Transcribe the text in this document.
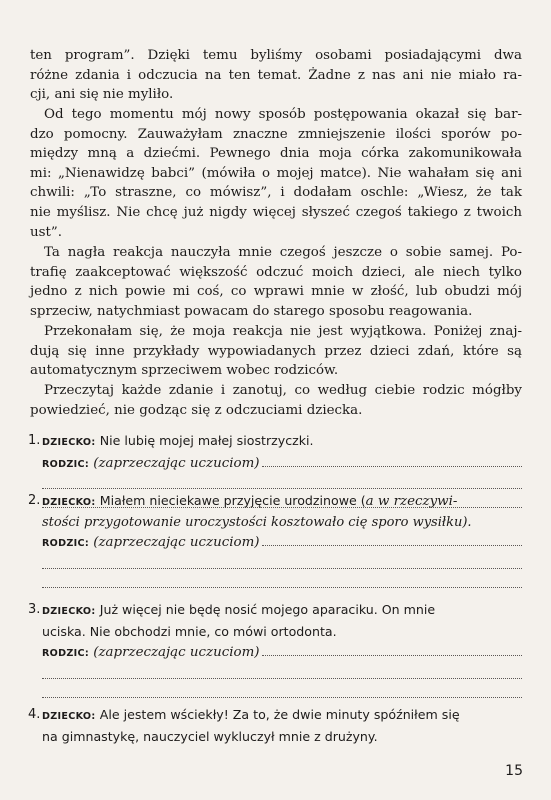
ten program”. Dzięki temu byliśmy osobami posiadającymi dwa
różne zdania i odczucia na ten temat. Żadne z nas ani nie miało ra-
cji, ani się nie myliło.
Od tego momentu mój nowy sposób postępowania okazał się bar-
dzo pomocny. Zauważyłam znaczne zmniejszenie ilości sporów po-
między mną a dziećmi. Pewnego dnia moja córka zakomunikowała
mi: „Nienawidzę babci” (mówiła o mojej matce). Nie wahałam się ani
chwili: „To straszne, co mówisz”, i dodałam oschle: „Wiesz, że tak
nie myślisz. Nie chcę już nigdy więcej słyszeć czegoś takiego z twoich
ust”.
Ta nagła reakcja nauczyła mnie czegoś jeszcze o sobie samej. Po-
trafię zaakceptować większość odczuć moich dzieci, ale niech tylko
jedno z nich powie mi coś, co wprawi mnie w złość, lub obudzi mój
sprzeciw, natychmiast powacam do starego sposobu reagowania.
Przekonałam się, że moja reakcja nie jest wyjątkowa. Poniżej znaj-
dują się inne przykłady wypowiadanych przez dzieci zdań, które są
automatycznym sprzeciwem wobec rodziców.
Przeczytaj każde zdanie i zanotuj, co według ciebie rodzic mógłby
powiedzieć, nie godząc się z odczuciami dziecka.
1. DZIECKO: Nie lubię mojej małej siostrzyczki.
RODZIC:
(zaprzeczając uczuciom)
2. DZIECKO: Miałem nieciekawe przyjęcie urodzinowe (a w rzeczywi-
stości przygotowanie uroczystości kosztowało cię sporo wysiłku).
RODZIC:
(zaprzeczając uczuciom)
3. DZIECKO: Już więcej nie będę nosić mojego aparaciku. On mnie
uciska. Nie obchodzi mnie, co mówi ortodonta.
RODZIC:
(zaprzeczając uczuciom)
4. DZIECKO: Ale jestem wściekły! Za to, że dwie minuty spóźniłem się
na gimnastykę, nauczyciel wykluczył mnie z drużyny.
15
